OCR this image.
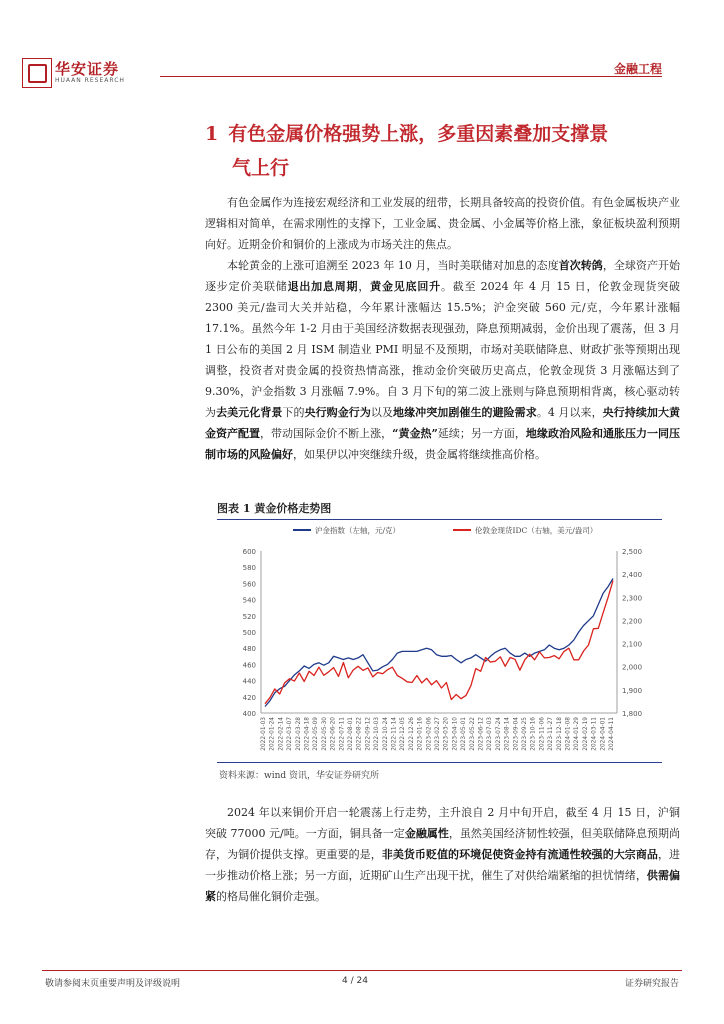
华安证券
HUAAN RESEARCH
金融工程
1 有色金属价格强势上涨，多重因素叠加支撑景
气上行

有色金属作为连接宏观经济和工业发展的纽带，长期具备较高的投资价值。有色金属板块产业逻辑相对简单，在需求刚性的支撑下，工业金属、贵金属、小金属等价格上涨，象征板块盈利预期向好。近期金价和铜价的上涨成为市场关注的焦点。

本轮黄金的上涨可追溯至 2023 年 10 月，当时美联储对加息的态度首次转鸽，全球资产开始逐步定价美联储退出加息周期，黄金见底回升。截至 2024 年 4 月 15 日，伦敦金现货突破 2300 美元/盎司大关并站稳，今年累计涨幅达 15.5%；沪金突破 560 元/克，今年累计涨幅 17.1%。虽然今年 1-2 月由于美国经济数据表现强劲，降息预期减弱，金价出现了震荡，但 3 月 1 日公布的美国 2 月 ISM 制造业 PMI 明显不及预期，市场对美联储降息、财政扩张等预期出现调整，投资者对贵金属的投资热情高涨，推动金价突破历史高点，伦敦金现货 3 月涨幅达到了 9.30%，沪金指数 3 月涨幅 7.9%。自 3 月下旬的第二波上涨则与降息预期相背离，核心驱动转为去美元化背景下的央行购金行为以及地缘冲突加剧催生的避险需求。4 月以来，央行持续加大黄金资产配置，带动国际金价不断上涨，“黄金热”延续；另一方面，地缘政治风险和通胀压力一同压制市场的风险偏好，如果伊以冲突继续升级，贵金属将继续推高价格。

图表 1 黄金价格走势图
400
420
440
460
480
500
520
540
560
580
600
1,800
1,900
2,000
2,100
2,200
2,300
2,400
2,500
2022-01-03 2022-01-24 2022-02-14 2022-03-07 2022-03-28 2022-04-18 2022-05-09 2022-05-30 2022-06-20 2022-07-11 2022-08-01 2022-08-22 2022-09-12 2022-10-03 2022-10-24 2022-11-14 2022-12-05 2022-12-26 2023-01-16 2023-02-06 2023-02-27 2023-03-20 2023-04-10 2023-05-01 2023-05-22 2023-06-12 2023-07-03 2023-07-24 2023-08-14 2023-09-04 2023-09-25 2023-10-16 2023-11-06 2023-11-27 2023-12-18 2024-01-08 2024-01-29 2024-02-19 2024-03-11 2024-04-01 2024-04-11
沪金指数（左轴，元/克）	伦敦金现货IDC（右轴，美元/盎司）
资料来源：wind 资讯，华安证券研究所

2024 年以来铜价开启一轮震荡上行走势，主升浪自 2 月中旬开启，截至 4 月 15 日，沪铜突破 77000 元/吨。一方面，铜具备一定金融属性，虽然美国经济韧性较强，但美联储降息预期尚存，为铜价提供支撑。更重要的是，非美货币贬值的环境促使资金持有流通性较强的大宗商品，进一步推动价格上涨；另一方面，近期矿山生产出现干扰，催生了对供给端紧缩的担忧情绪，供需偏紧的格局催化铜价走强。

敬请参阅末页重要声明及评级说明	4 / 24	证券研究报告
